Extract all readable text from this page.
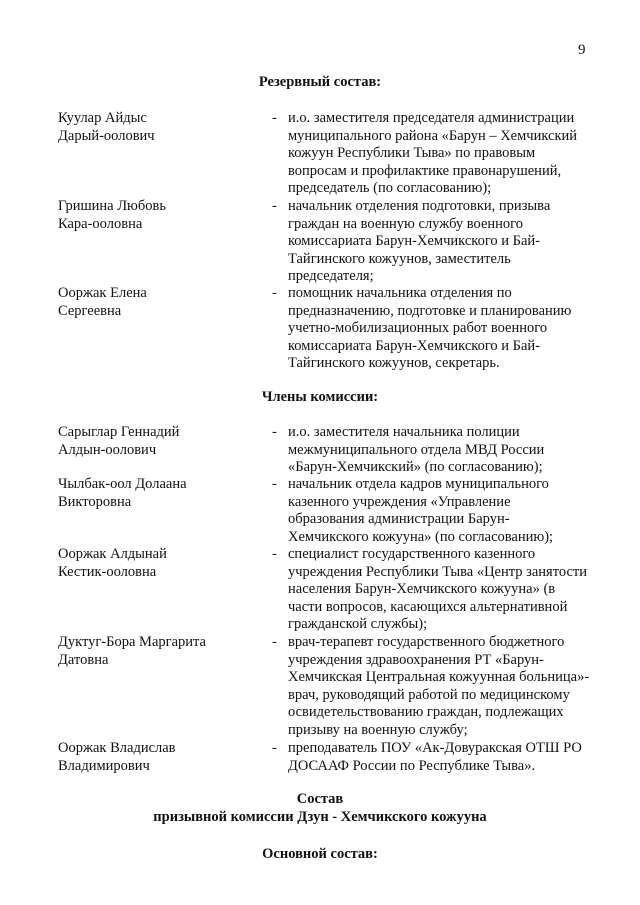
9
Резервный состав:
Куулар Айдыс
Дарый-оолович
- и.о. заместителя председателя администрации
муниципального района «Барун – Хемчикский
кожуун Республики Тыва» по правовым
вопросам и профилактике правонарушений,
председатель (по согласованию);
Гришина Любовь
Кара-ооловна
- начальник отделения подготовки, призыва
граждан на военную службу военного
комиссариата Барун-Хемчикского и Бай-
Тайгинского кожуунов, заместитель
председателя;
Ооржак Елена
Сергеевна
- помощник начальника отделения по
предназначению, подготовке и планированию
учетно-мобилизационных работ военного
комиссариата Барун-Хемчикского и Бай-
Тайгинского кожуунов, секретарь.
Члены комиссии:
Сарыглар Геннадий
Алдын-оолович
- и.о. заместителя начальника полиции
межмуниципального отдела МВД России
«Барун-Хемчикский» (по согласованию);
Чылбак-оол Долаана
Викторовна
- начальник отдела кадров муниципального
казенного учреждения «Управление
образования администрации Барун-
Хемчикского кожууна» (по согласованию);
Ооржак Алдынай
Кестик-ооловна
- специалист государственного казенного
учреждения Республики Тыва «Центр занятости
населения Барун-Хемчикского кожууна» (в
части вопросов, касающихся альтернативной
гражданской службы);
Дуктуг-Бора Маргарита
Датовна
- врач-терапевт государственного бюджетного
учреждения здравоохранения РТ «Барун-
Хемчикская Центральная кожуунная больница»-
врач, руководящий работой по медицинскому
освидетельствованию граждан, подлежащих
призыву на военную службу;
Ооржак Владислав
Владимирович
- преподаватель ПОУ «Ак-Довуракская ОТШ РО
ДОСААФ России по Республике Тыва».
Состав
призывной комиссии Дзун - Хемчикского кожууна
Основной состав:
